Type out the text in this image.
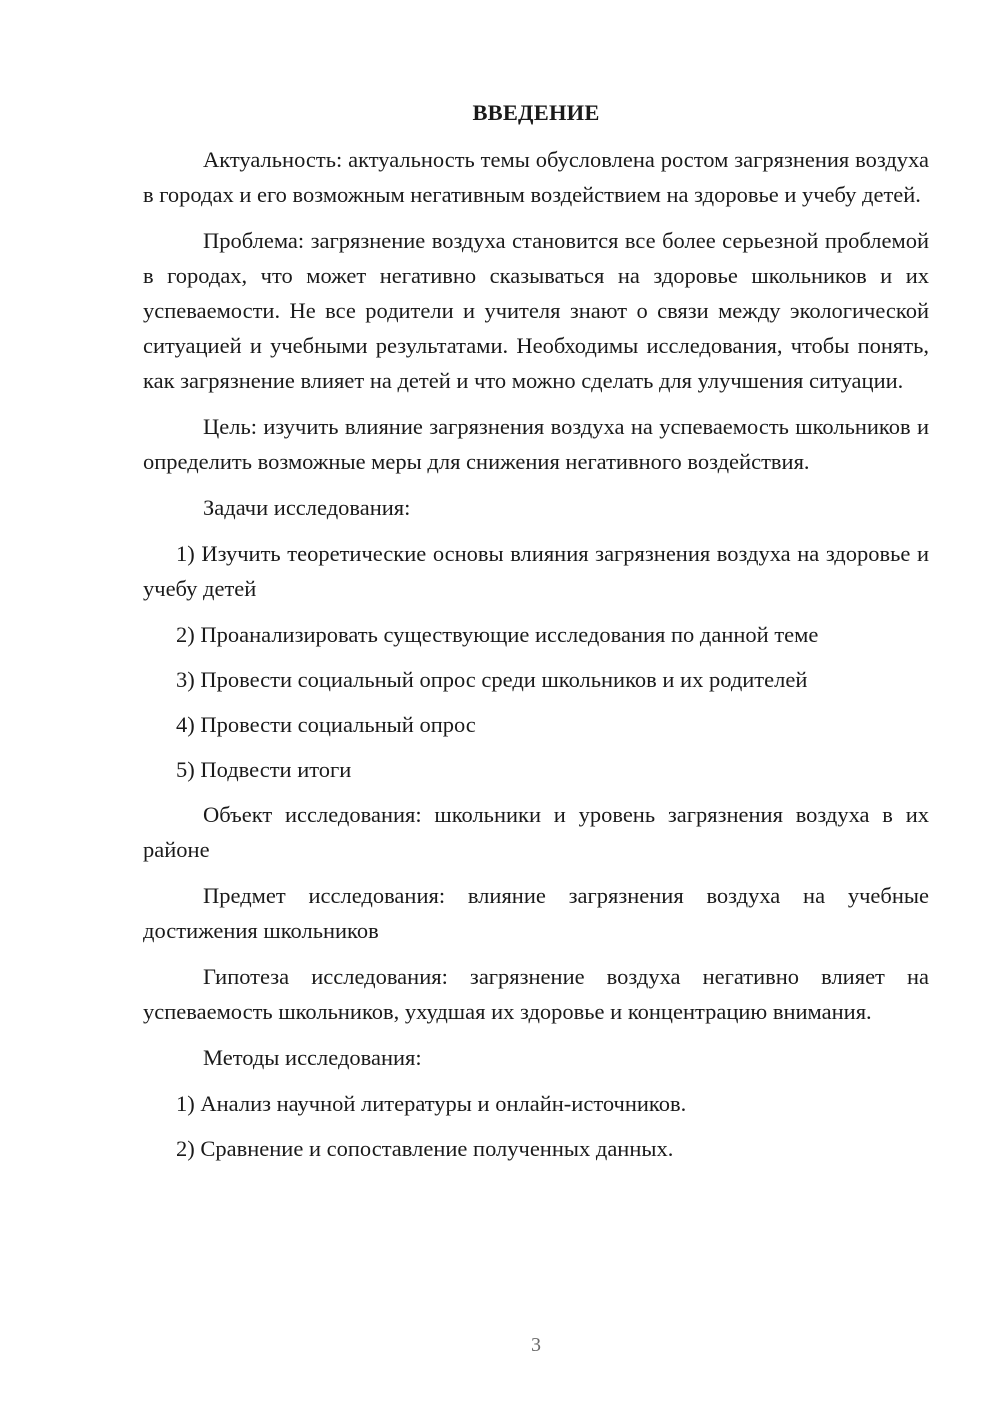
ВВЕДЕНИЕ
Актуальность: актуальность темы обусловлена ростом загрязнения воздуха в городах и его возможным негативным воздействием на здоровье и учебу детей.
Проблема: загрязнение воздуха становится все более серьезной проблемой в городах, что может негативно сказываться на здоровье школьников и их успеваемости. Не все родители и учителя знают о связи между экологической ситуацией и учебными результатами. Необходимы исследования, чтобы понять, как загрязнение влияет на детей и что можно сделать для улучшения ситуации.
Цель: изучить влияние загрязнения воздуха на успеваемость школьников и определить возможные меры для снижения негативного воздействия.
Задачи исследования:
1) Изучить теоретические основы влияния загрязнения воздуха на здоровье и учебу детей
2) Проанализировать существующие исследования по данной теме
3) Провести социальный опрос среди школьников и их родителей
4) Провести социальный опрос
5) Подвести итоги
Объект исследования: школьники и уровень загрязнения воздуха в их районе
Предмет исследования: влияние загрязнения воздуха на учебные достижения школьников
Гипотеза исследования: загрязнение воздуха негативно влияет на успеваемость школьников, ухудшая их здоровье и концентрацию внимания.
Методы исследования:
1) Анализ научной литературы и онлайн-источников.
2) Сравнение и сопоставление полученных данных.
3
